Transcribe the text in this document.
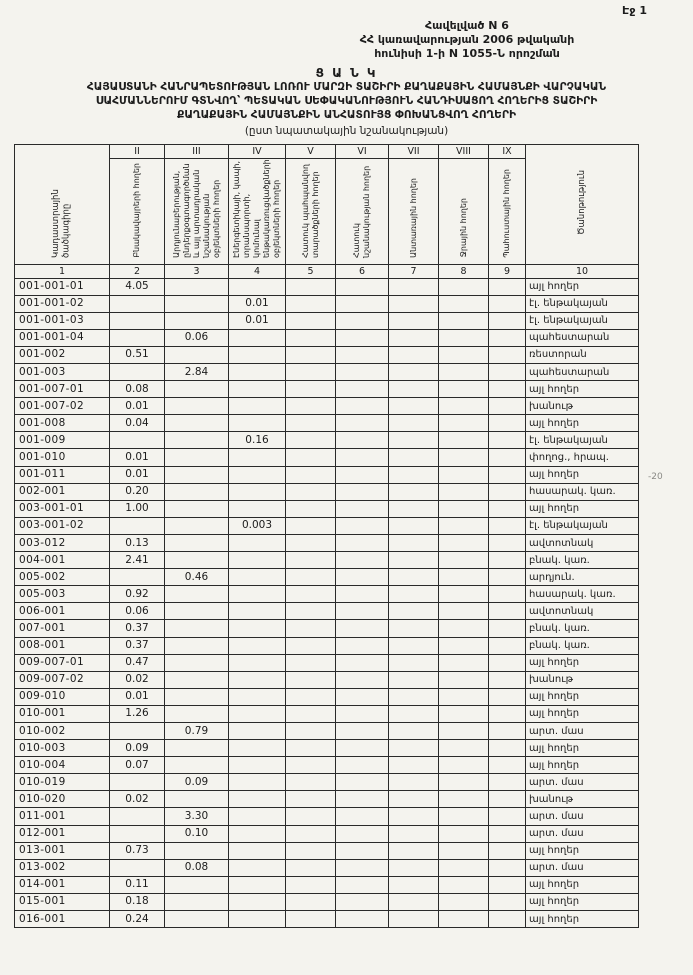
Էջ 1
Հավելված N 6
ՀՀ կառավարության 2006 թվականի
հունիսի 1-ի N 1055-Ն որոշման
Ց Ա Ն Կ
ՀԱՅԱՍՏԱՆԻ ՀԱՆՐԱՊԵՏՈՒԹՅԱՆ ԼՈՌՈՒ ՄԱՐԶԻ ՏԱՇԻՐԻ ՔԱՂԱՔԱՅԻՆ ՀԱՄԱՅՆՔԻ ՎԱՐՉԱԿԱՆ
ՍԱՀՄԱՆՆԵՐՈՒՄ ԳՏՆՎՈՂ՝ ՊԵՏԱԿԱՆ ՍԵՓԱԿԱՆՈՒԹՅՈՒՆ ՀԱՆԴԻՍԱՑՈՂ ՀՈՂԵՐԻՑ ՏԱՇԻՐԻ
ՔԱՂԱՔԱՅԻՆ ՀԱՄԱՅՆՔԻՆ ԱՆՀԱՏՈՒՅՑ ՓՈԽԱՆՑՎՈՂ ՀՈՂԵՐԻ
(ըստ նպատակային նշանակության)
Կադաստրային ծածկագիրը	II	III	IV	V	VI	VII	VIII	IX	Ծանոթություն
	Բնակավայրերի հողեր	Արդյունաբերության, ընդերքօգտագործման և այլ արտադրական նշանակության օբյեկտների հողեր	Էներգետիկայի, կապի, տրանսպորտի, կոմունալ ենթակառուցվածքների օբյեկտների հողեր	Հատուկ պահպանվող տարածքների հողեր	Հատուկ նշանակության հողեր	Անտառային հողեր	Ջրային հողեր	Պահուստային հողեր	
1	2	3	4	5	6	7	8	9	10
001-001-01	4.05								այլ հողեր
001-001-02			0.01						էլ. ենթակայան
001-001-03			0.01						էլ. ենթակայան
001-001-04		0.06							պահեստարան
001-002	0.51								ռեստորան
001-003		2.84							պահեստարան
001-007-01	0.08								այլ հողեր
001-007-02	0.01								խանութ
001-008	0.04								այլ հողեր
001-009			0.16						էլ. ենթակայան
001-010	0.01								փողոց., հրապ.
001-011	0.01								այլ հողեր
002-001	0.20								հասարակ. կառ.
003-001-01	1.00								այլ հողեր
003-001-02			0.003						էլ. ենթակայան
003-012	0.13								ավտոտնակ
004-001	2.41								բնակ. կառ.
005-002		0.46							արդյուն.
005-003	0.92								հասարակ. կառ.
006-001	0.06								ավտոտնակ
007-001	0.37								բնակ. կառ.
008-001	0.37								բնակ. կառ.
009-007-01	0.47								այլ հողեր
009-007-02	0.02								խանութ
009-010	0.01								այլ հողեր
010-001	1.26								այլ հողեր
010-002		0.79							արտ. մաս
010-003	0.09								այլ հողեր
010-004	0.07								այլ հողեր
010-019		0.09							արտ. մաս
010-020	0.02								խանութ
011-001		3.30							արտ. մաս
012-001		0.10							արտ. մաս
013-001	0.73								այլ հողեր
013-002		0.08							արտ. մաս
014-001	0.11								այլ հողեր
015-001	0.18								այլ հողեր
016-001	0.24								այլ հողեր
-20
